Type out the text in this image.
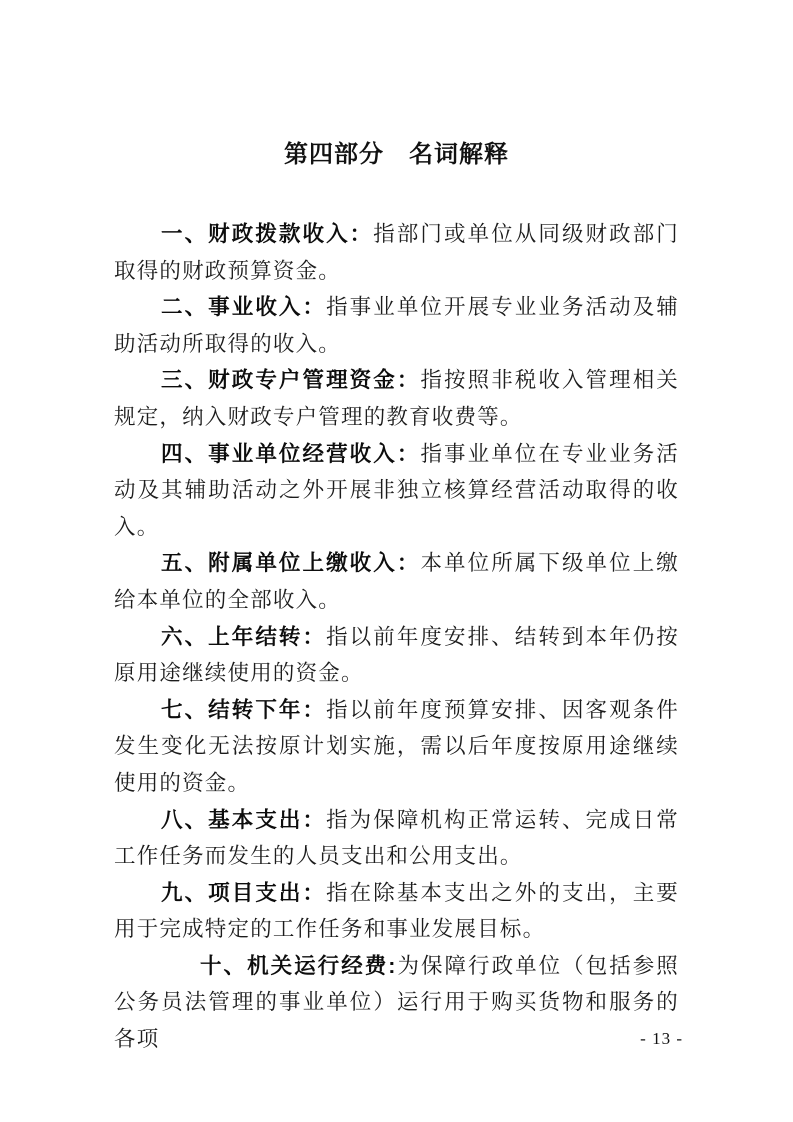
第四部分　名词解释

一、财政拨款收入：指部门或单位从同级财政部门取得的财政预算资金。

二、事业收入：指事业单位开展专业业务活动及辅助活动所取得的收入。

三、财政专户管理资金：指按照非税收入管理相关规定，纳入财政专户管理的教育收费等。

四、事业单位经营收入：指事业单位在专业业务活动及其辅助活动之外开展非独立核算经营活动取得的收入。

五、附属单位上缴收入：本单位所属下级单位上缴给本单位的全部收入。

六、上年结转：指以前年度安排、结转到本年仍按原用途继续使用的资金。

七、结转下年：指以前年度预算安排、因客观条件发生变化无法按原计划实施，需以后年度按原用途继续使用的资金。

八、基本支出：指为保障机构正常运转、完成日常工作任务而发生的人员支出和公用支出。

九、项目支出：指在除基本支出之外的支出，主要用于完成特定的工作任务和事业发展目标。

十、机关运行经费:为保障行政单位（包括参照公务员法管理的事业单位）运行用于购买货物和服务的各项	- 13 -
